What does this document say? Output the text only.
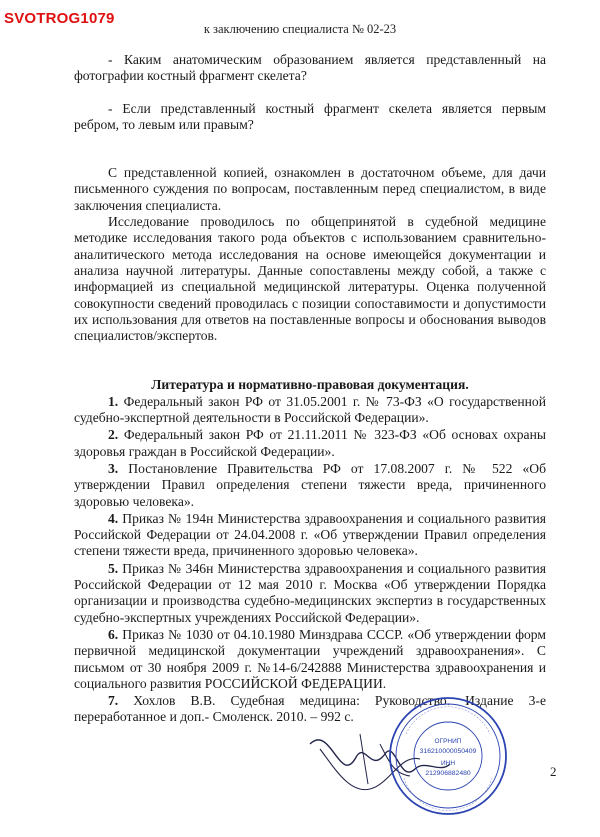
SVOTROG1079
к заключению специалиста № 02-23

- Каким анатомическим образованием является представленный на фотографии костный фрагмент скелета?

- Если представленный костный фрагмент скелета является первым ребром, то левым или правым?

С представленной копией, ознакомлен в достаточном объеме, для дачи письменного суждения по вопросам, поставленным перед специалистом, в виде заключения специалиста.

Исследование проводилось по общепринятой в судебной медицине методике исследования такого рода объектов с использованием сравнительно-аналитического метода исследования на основе имеющейся документации и анализа научной литературы. Данные сопоставлены между собой, а также с информацией из специальной медицинской литературы. Оценка полученной совокупности сведений проводилась с позиции сопоставимости и допустимости их использования для ответов на поставленные вопросы и обоснования выводов специалистов/экспертов.

Литература и нормативно-правовая документация.

1. Федеральный закон РФ от 31.05.2001 г. № 73-ФЗ «О государственной судебно-экспертной деятельности в Российской Федерации».

2. Федеральный закон РФ от 21.11.2011 № 323-ФЗ «Об основах охраны здоровья граждан в Российской Федерации».

3. Постановление Правительства РФ от 17.08.2007 г. № 522 «Об утверждении Правил определения степени тяжести вреда, причиненного здоровью человека».

4. Приказ № 194н Министерства здравоохранения и социального развития Российской Федерации от 24.04.2008 г. «Об утверждении Правил определения степени тяжести вреда, причиненного здоровью человека».

5. Приказ № 346н Министерства здравоохранения и социального развития Российской Федерации от 12 мая 2010 г. Москва «Об утверждении Порядка организации и производства судебно-медицинских экспертиз в государственных судебно-экспертных учреждениях Российской Федерации».

6. Приказ № 1030 от 04.10.1980 Минздрава СССР. «Об утверждении форм первичной медицинской документации учреждений здравоохранения». С письмом от 30 ноября 2009 г. №14-6/242888 Министерства здравоохранения и социального развития РОССИЙСКОЙ ФЕДЕРАЦИИ.

7. Хохлов В.В. Судебная медицина: Руководство. Издание 3-е переработанное и доп.- Смоленск. 2010. – 992 с.

ОГРНИП
316210000050409
ИНН
212906882480	2
